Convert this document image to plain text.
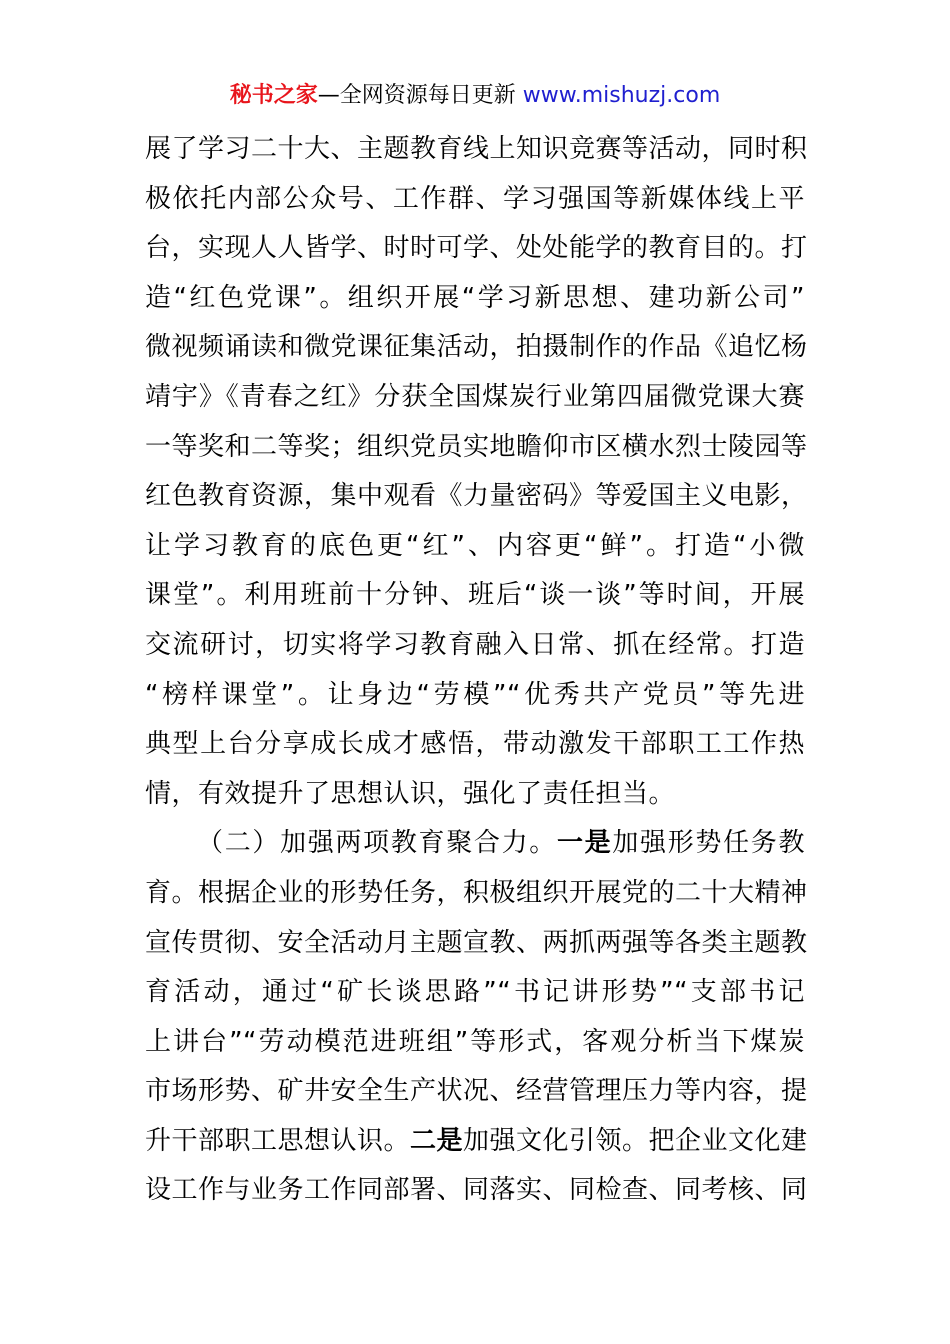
秘书之家—全网资源每日更新 www.mishuzj.com
展了学习二十大、主题教育线上知识竞赛等活动，同时积
极依托内部公众号、工作群、学习强国等新媒体线上平
台，实现人人皆学、时时可学、处处能学的教育目的。打
造“红色党课”。组织开展“学习新思想、建功新公司”
微视频诵读和微党课征集活动，拍摄制作的作品《追忆杨
靖宇》《青春之红》分获全国煤炭行业第四届微党课大赛
一等奖和二等奖；组织党员实地瞻仰市区横水烈士陵园等
红色教育资源，集中观看《力量密码》等爱国主义电影，
让学习教育的底色更“红”、内容更“鲜”。打造“小微
课堂”。利用班前十分钟、班后“谈一谈”等时间，开展
交流研讨，切实将学习教育融入日常、抓在经常。打造
“榜样课堂”。让身边“劳模”“优秀共产党员”等先进
典型上台分享成长成才感悟，带动激发干部职工工作热
情，有效提升了思想认识，强化了责任担当。
（二）加强两项教育聚合力。一是加强形势任务教
育。根据企业的形势任务，积极组织开展党的二十大精神
宣传贯彻、安全活动月主题宣教、两抓两强等各类主题教
育活动，通过“矿长谈思路”“书记讲形势”“支部书记
上讲台”“劳动模范进班组”等形式，客观分析当下煤炭
市场形势、矿井安全生产状况、经营管理压力等内容，提
升干部职工思想认识。二是加强文化引领。把企业文化建
设工作与业务工作同部署、同落实、同检查、同考核、同
